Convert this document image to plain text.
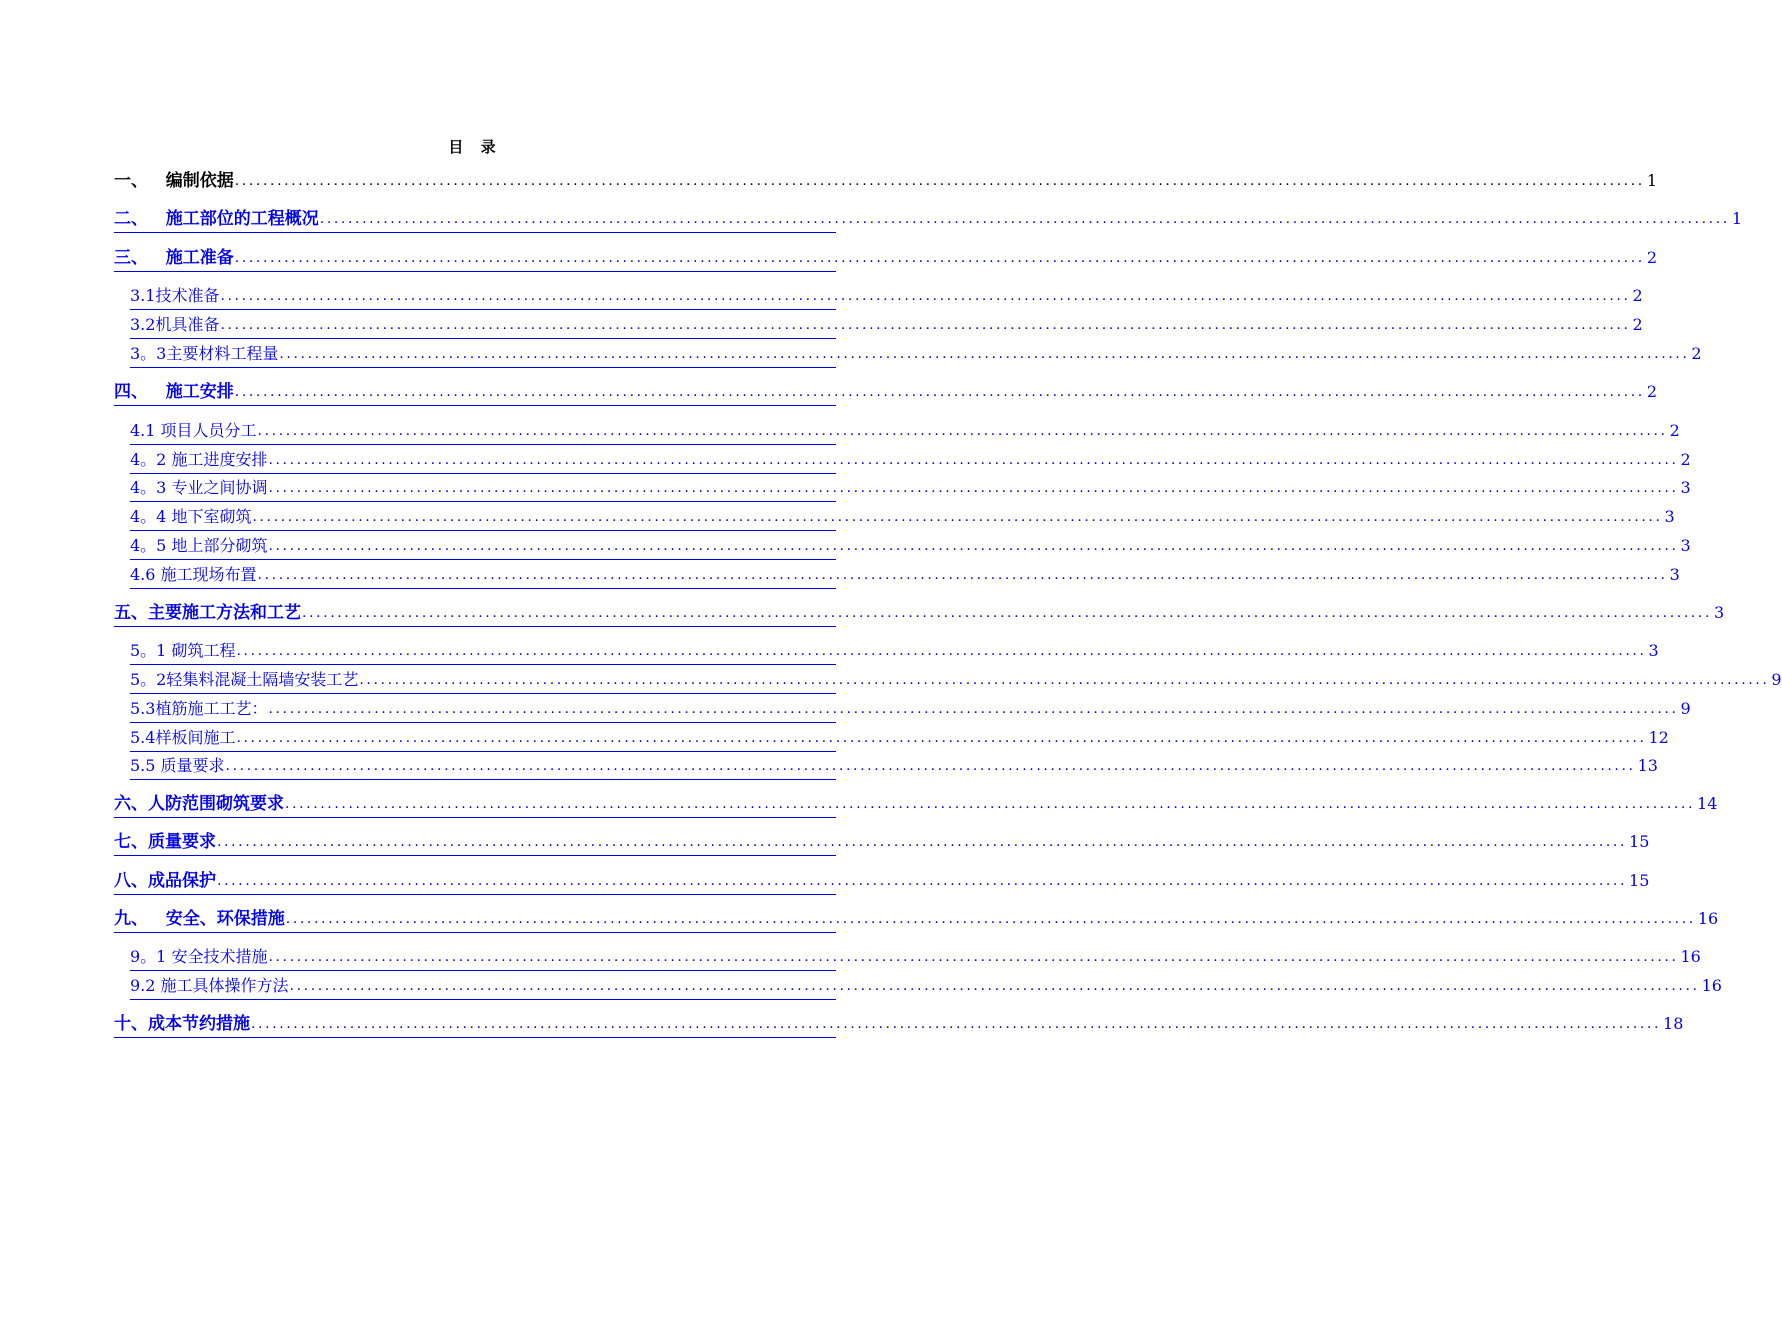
目 录
一、   编制依据 ........................................................................................................................................................................................................ 1
二、   施工部位的工程概况 ........................................................................................................................................................................................................ 1
三、   施工准备 ........................................................................................................................................................................................................ 2
3.1技术准备 ........................................................................................................................................................................................................ 2
3.2机具准备 ........................................................................................................................................................................................................ 2
3。3主要材料工程量 ........................................................................................................................................................................................................ 2
四、   施工安排 ........................................................................................................................................................................................................ 2
4.1 项目人员分工 ........................................................................................................................................................................................................ 2
4。2 施工进度安排 ........................................................................................................................................................................................................ 2
4。3 专业之间协调 ........................................................................................................................................................................................................ 3
4。4 地下室砌筑 ........................................................................................................................................................................................................ 3
4。5 地上部分砌筑 ........................................................................................................................................................................................................ 3
4.6 施工现场布置 ........................................................................................................................................................................................................ 3
五、主要施工方法和工艺 ........................................................................................................................................................................................................ 3
5。1 砌筑工程 ........................................................................................................................................................................................................ 3
5。2轻集料混凝土隔墙安装工艺 ........................................................................................................................................................................................................ 9
5.3植筋施工工艺： ........................................................................................................................................................................................................ 9
5.4样板间施工 ........................................................................................................................................................................................................ 12
5.5 质量要求 ........................................................................................................................................................................................................ 13
六、人防范围砌筑要求 ........................................................................................................................................................................................................ 14
七、质量要求 ........................................................................................................................................................................................................ 15
八、成品保护 ........................................................................................................................................................................................................ 15
九、   安全、环保措施 ........................................................................................................................................................................................................ 16
9。1 安全技术措施 ........................................................................................................................................................................................................ 16
9.2 施工具体操作方法 ........................................................................................................................................................................................................ 16
十、成本节约措施 ........................................................................................................................................................................................................ 18
